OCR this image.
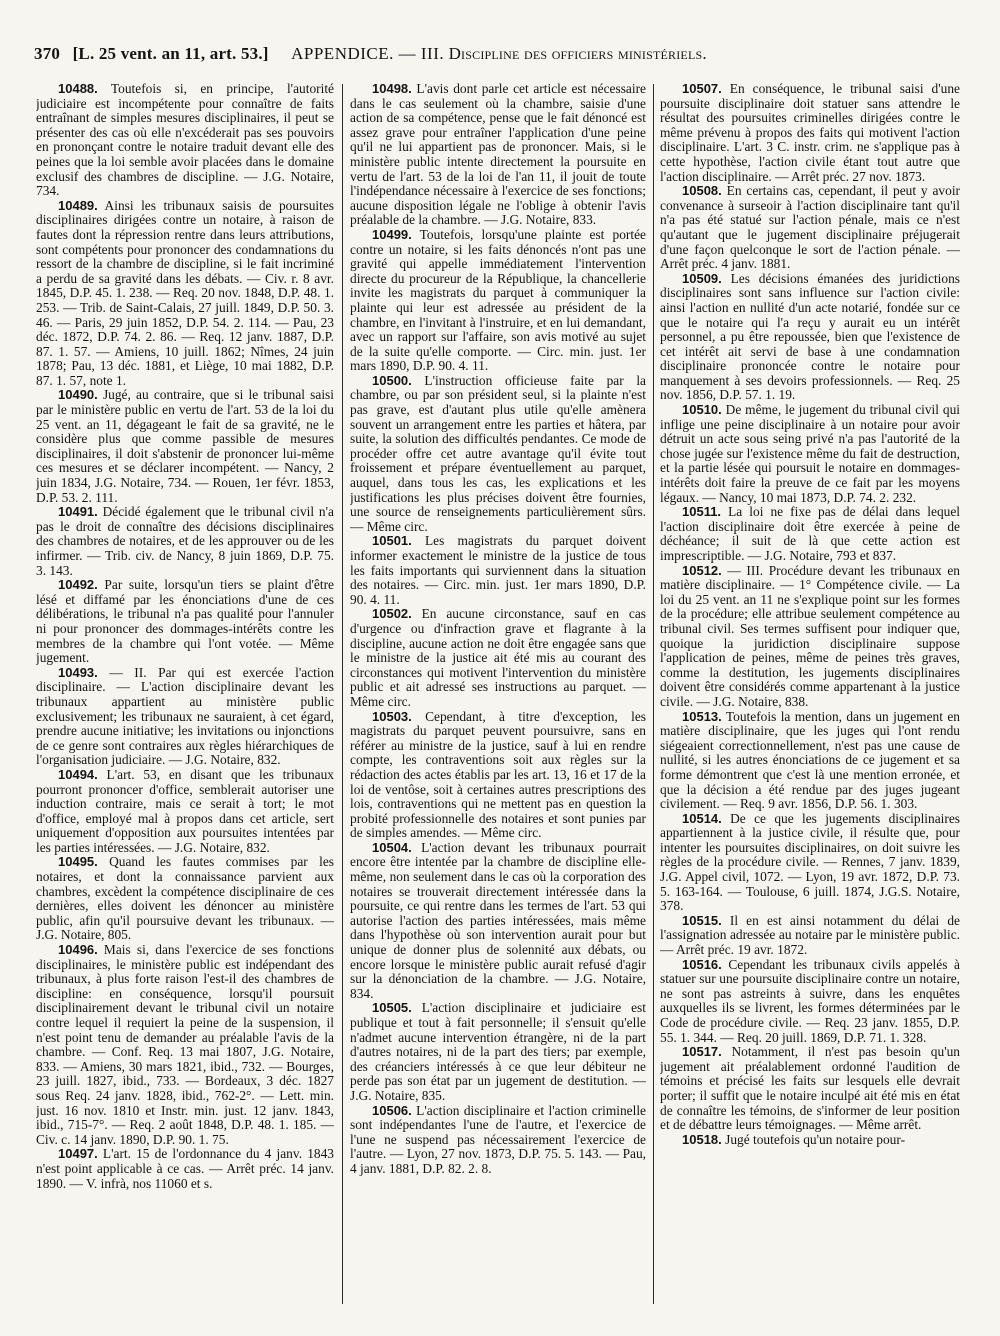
370 [L. 25 vent. an 11, art. 53.] APPENDICE. — III. Discipline des officiers ministériels.

10488. Toutefois si, en principe, l'autorité judiciaire est incompétente pour connaître de faits entraînant de simples mesures disciplinaires, il peut se présenter des cas où elle n'excéderait pas ses pouvoirs en prononçant contre le notaire traduit devant elle des peines que la loi semble avoir placées dans le domaine exclusif des chambres de discipline. — J.G. Notaire, 734.

10489. Ainsi les tribunaux saisis de poursuites disciplinaires dirigées contre un notaire, à raison de fautes dont la répression rentre dans leurs attributions, sont compétents pour prononcer des condamnations du ressort de la chambre de discipline, si le fait incriminé a perdu de sa gravité dans les débats. — Civ. r. 8 avr. 1845, D.P. 45. 1. 238. — Req. 20 nov. 1848, D.P. 48. 1. 253. — Trib. de Saint-Calais, 27 juill. 1849, D.P. 50. 3. 46. — Paris, 29 juin 1852, D.P. 54. 2. 114. — Pau, 23 déc. 1872, D.P. 74. 2. 86. — Req. 12 janv. 1887, D.P. 87. 1. 57. — Amiens, 10 juill. 1862; Nîmes, 24 juin 1878; Pau, 13 déc. 1881, et Liège, 10 mai 1882, D.P. 87. 1. 57, note 1.

10490. Jugé, au contraire, que si le tribunal saisi par le ministère public en vertu de l'art. 53 de la loi du 25 vent. an 11, dégageant le fait de sa gravité, ne le considère plus que comme passible de mesures disciplinaires, il doit s'abstenir de prononcer lui-même ces mesures et se déclarer incompétent. — Nancy, 2 juin 1834, J.G. Notaire, 734. — Rouen, 1er févr. 1853, D.P. 53. 2. 111.

10491. Décidé également que le tribunal civil n'a pas le droit de connaître des décisions disciplinaires des chambres de notaires, et de les approuver ou de les infirmer. — Trib. civ. de Nancy, 8 juin 1869, D.P. 75. 3. 143.

10492. Par suite, lorsqu'un tiers se plaint d'être lésé et diffamé par les énonciations d'une de ces délibérations, le tribunal n'a pas qualité pour l'annuler ni pour prononcer des dommages-intérêts contre les membres de la chambre qui l'ont votée. — Même jugement.

10493. — II. Par qui est exercée l'action disciplinaire. — L'action disciplinaire devant les tribunaux appartient au ministère public exclusivement; les tribunaux ne sauraient, à cet égard, prendre aucune initiative; les invitations ou injonctions de ce genre sont contraires aux règles hiérarchiques de l'organisation judiciaire. — J.G. Notaire, 832.

10494. L'art. 53, en disant que les tribunaux pourront prononcer d'office, semblerait autoriser une induction contraire, mais ce serait à tort; le mot d'office, employé mal à propos dans cet article, sert uniquement d'opposition aux poursuites intentées par les parties intéressées. — J.G. Notaire, 832.

10495. Quand les fautes commises par les notaires, et dont la connaissance parvient aux chambres, excèdent la compétence disciplinaire de ces dernières, elles doivent les dénoncer au ministère public, afin qu'il poursuive devant les tribunaux. — J.G. Notaire, 805.

10496. Mais si, dans l'exercice de ses fonctions disciplinaires, le ministère public est indépendant des tribunaux, à plus forte raison l'est-il des chambres de discipline: en conséquence, lorsqu'il poursuit disciplinairement devant le tribunal civil un notaire contre lequel il requiert la peine de la suspension, il n'est point tenu de demander au préalable l'avis de la chambre. — Conf. Req. 13 mai 1807, J.G. Notaire, 833. — Amiens, 30 mars 1821, ibid., 732. — Bourges, 23 juill. 1827, ibid., 733. — Bordeaux, 3 déc. 1827 sous Req. 24 janv. 1828, ibid., 762-2°. — Lett. min. just. 16 nov. 1810 et Instr. min. just. 12 janv. 1843, ibid., 715-7°. — Req. 2 août 1848, D.P. 48. 1. 185. — Civ. c. 14 janv. 1890, D.P. 90. 1. 75.

10497. L'art. 15 de l'ordonnance du 4 janv. 1843 n'est point applicable à ce cas. — Arrêt préc. 14 janv. 1890. — V. infrà, nos 11060 et s.

10498. L'avis dont parle cet article est nécessaire dans le cas seulement où la chambre, saisie d'une action de sa compétence, pense que le fait dénoncé est assez grave pour entraîner l'application d'une peine qu'il ne lui appartient pas de prononcer. Mais, si le ministère public intente directement la poursuite en vertu de l'art. 53 de la loi de l'an 11, il jouit de toute l'indépendance nécessaire à l'exercice de ses fonctions; aucune disposition légale ne l'oblige à obtenir l'avis préalable de la chambre. — J.G. Notaire, 833.

10499. Toutefois, lorsqu'une plainte est portée contre un notaire, si les faits dénoncés n'ont pas une gravité qui appelle immédiatement l'intervention directe du procureur de la République, la chancellerie invite les magistrats du parquet à communiquer la plainte qui leur est adressée au président de la chambre, en l'invitant à l'instruire, et en lui demandant, avec un rapport sur l'affaire, son avis motivé au sujet de la suite qu'elle comporte. — Circ. min. just. 1er mars 1890, D.P. 90. 4. 11.

10500. L'instruction officieuse faite par la chambre, ou par son président seul, si la plainte n'est pas grave, est d'autant plus utile qu'elle amènera souvent un arrangement entre les parties et hâtera, par suite, la solution des difficultés pendantes. Ce mode de procéder offre cet autre avantage qu'il évite tout froissement et prépare éventuellement au parquet, auquel, dans tous les cas, les explications et les justifications les plus précises doivent être fournies, une source de renseignements particulièrement sûrs. — Même circ.

10501. Les magistrats du parquet doivent informer exactement le ministre de la justice de tous les faits importants qui surviennent dans la situation des notaires. — Circ. min. just. 1er mars 1890, D.P. 90. 4. 11.

10502. En aucune circonstance, sauf en cas d'urgence ou d'infraction grave et flagrante à la discipline, aucune action ne doit être engagée sans que le ministre de la justice ait été mis au courant des circonstances qui motivent l'intervention du ministère public et ait adressé ses instructions au parquet. — Même circ.

10503. Cependant, à titre d'exception, les magistrats du parquet peuvent poursuivre, sans en référer au ministre de la justice, sauf à lui en rendre compte, les contraventions soit aux règles sur la rédaction des actes établis par les art. 13, 16 et 17 de la loi de ventôse, soit à certaines autres prescriptions des lois, contraventions qui ne mettent pas en question la probité professionnelle des notaires et sont punies par de simples amendes. — Même circ.

10504. L'action devant les tribunaux pourrait encore être intentée par la chambre de discipline elle-même, non seulement dans le cas où la corporation des notaires se trouverait directement intéressée dans la poursuite, ce qui rentre dans les termes de l'art. 53 qui autorise l'action des parties intéressées, mais même dans l'hypothèse où son intervention aurait pour but unique de donner plus de solennité aux débats, ou encore lorsque le ministère public aurait refusé d'agir sur la dénonciation de la chambre. — J.G. Notaire, 834.

10505. L'action disciplinaire et judiciaire est publique et tout à fait personnelle; il s'ensuit qu'elle n'admet aucune intervention étrangère, ni de la part d'autres notaires, ni de la part des tiers; par exemple, des créanciers intéressés à ce que leur débiteur ne perde pas son état par un jugement de destitution. — J.G. Notaire, 835.

10506. L'action disciplinaire et l'action criminelle sont indépendantes l'une de l'autre, et l'exercice de l'une ne suspend pas nécessairement l'exercice de l'autre. — Lyon, 27 nov. 1873, D.P. 75. 5. 143. — Pau, 4 janv. 1881, D.P. 82. 2. 8.

10507. En conséquence, le tribunal saisi d'une poursuite disciplinaire doit statuer sans attendre le résultat des poursuites criminelles dirigées contre le même prévenu à propos des faits qui motivent l'action disciplinaire. L'art. 3 C. instr. crim. ne s'applique pas à cette hypothèse, l'action civile étant tout autre que l'action disciplinaire. — Arrêt préc. 27 nov. 1873.

10508. En certains cas, cependant, il peut y avoir convenance à surseoir à l'action disciplinaire tant qu'il n'a pas été statué sur l'action pénale, mais ce n'est qu'autant que le jugement disciplinaire préjugerait d'une façon quelconque le sort de l'action pénale. — Arrêt préc. 4 janv. 1881.

10509. Les décisions émanées des juridictions disciplinaires sont sans influence sur l'action civile: ainsi l'action en nullité d'un acte notarié, fondée sur ce que le notaire qui l'a reçu y aurait eu un intérêt personnel, a pu être repoussée, bien que l'existence de cet intérêt ait servi de base à une condamnation disciplinaire prononcée contre le notaire pour manquement à ses devoirs professionnels. — Req. 25 nov. 1856, D.P. 57. 1. 19.

10510. De même, le jugement du tribunal civil qui inflige une peine disciplinaire à un notaire pour avoir détruit un acte sous seing privé n'a pas l'autorité de la chose jugée sur l'existence même du fait de destruction, et la partie lésée qui poursuit le notaire en dommages-intérêts doit faire la preuve de ce fait par les moyens légaux. — Nancy, 10 mai 1873, D.P. 74. 2. 232.

10511. La loi ne fixe pas de délai dans lequel l'action disciplinaire doit être exercée à peine de déchéance; il suit de là que cette action est imprescriptible. — J.G. Notaire, 793 et 837.

10512. — III. Procédure devant les tribunaux en matière disciplinaire. — 1° Compétence civile. — La loi du 25 vent. an 11 ne s'explique point sur les formes de la procédure; elle attribue seulement compétence au tribunal civil. Ses termes suffisent pour indiquer que, quoique la juridiction disciplinaire suppose l'application de peines, même de peines très graves, comme la destitution, les jugements disciplinaires doivent être considérés comme appartenant à la justice civile. — J.G. Notaire, 838.

10513. Toutefois la mention, dans un jugement en matière disciplinaire, que les juges qui l'ont rendu siégeaient correctionnellement, n'est pas une cause de nullité, si les autres énonciations de ce jugement et sa forme démontrent que c'est là une mention erronée, et que la décision a été rendue par des juges jugeant civilement. — Req. 9 avr. 1856, D.P. 56. 1. 303.

10514. De ce que les jugements disciplinaires appartiennent à la justice civile, il résulte que, pour intenter les poursuites disciplinaires, on doit suivre les règles de la procédure civile. — Rennes, 7 janv. 1839, J.G. Appel civil, 1072. — Lyon, 19 avr. 1872, D.P. 73. 5. 163-164. — Toulouse, 6 juill. 1874, J.G.S. Notaire, 378.

10515. Il en est ainsi notamment du délai de l'assignation adressée au notaire par le ministère public. — Arrêt préc. 19 avr. 1872.

10516. Cependant les tribunaux civils appelés à statuer sur une poursuite disciplinaire contre un notaire, ne sont pas astreints à suivre, dans les enquêtes auxquelles ils se livrent, les formes déterminées par le Code de procédure civile. — Req. 23 janv. 1855, D.P. 55. 1. 344. — Req. 20 juill. 1869, D.P. 71. 1. 328.

10517. Notamment, il n'est pas besoin qu'un jugement ait préalablement ordonné l'audition de témoins et précisé les faits sur lesquels elle devrait porter; il suffit que le notaire inculpé ait été mis en état de connaître les témoins, de s'informer de leur position et de débattre leurs témoignages. — Même arrêt.

10518. Jugé toutefois qu'un notaire pour-
